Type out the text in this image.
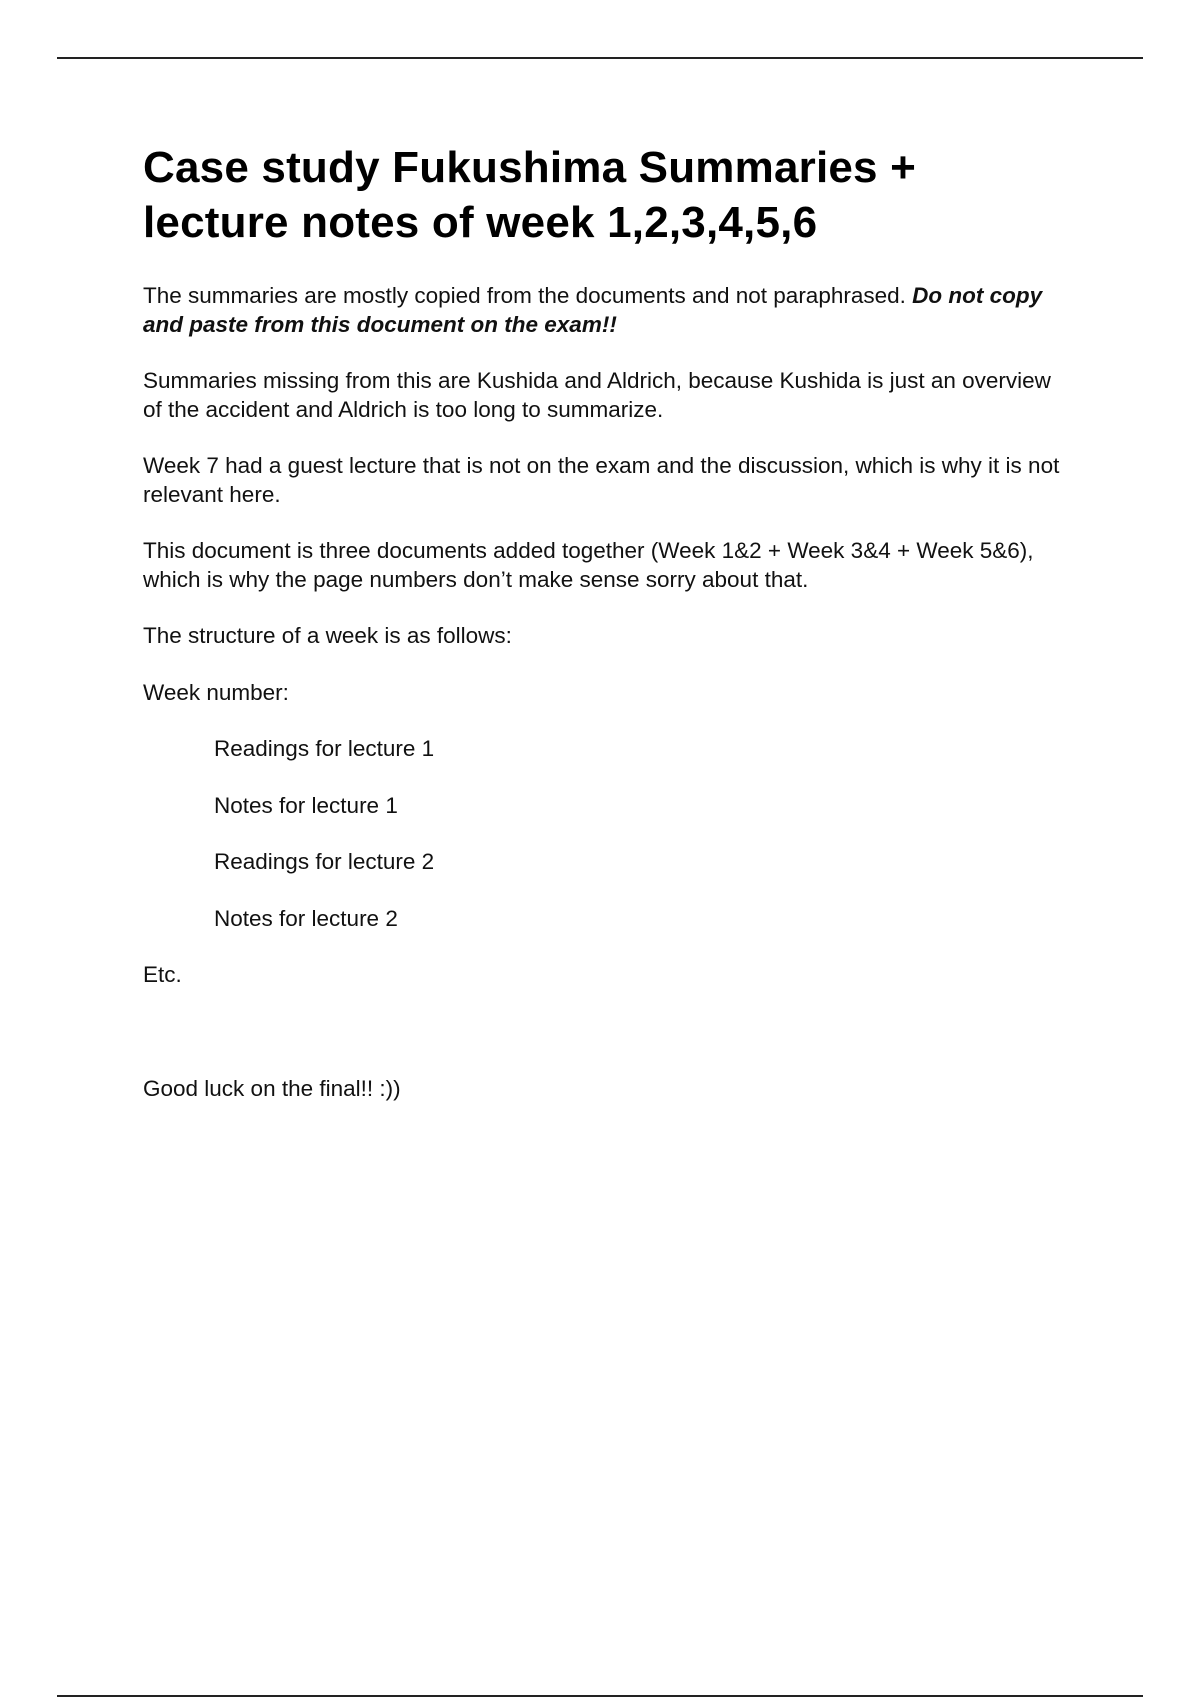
Case study Fukushima Summaries +
lecture notes of week 1,2,3,4,5,6

The summaries are mostly copied from the documents and not paraphrased. Do not copy and paste from this document on the exam!!

Summaries missing from this are Kushida and Aldrich, because Kushida is just an overview of the accident and Aldrich is too long to summarize.

Week 7 had a guest lecture that is not on the exam and the discussion, which is why it is not relevant here.

This document is three documents added together (Week 1&2 + Week 3&4 + Week 5&6), which is why the page numbers don’t make sense sorry about that.

The structure of a week is as follows:

Week number:

Readings for lecture 1

Notes for lecture 1

Readings for lecture 2

Notes for lecture 2

Etc.

Good luck on the final!! :))
